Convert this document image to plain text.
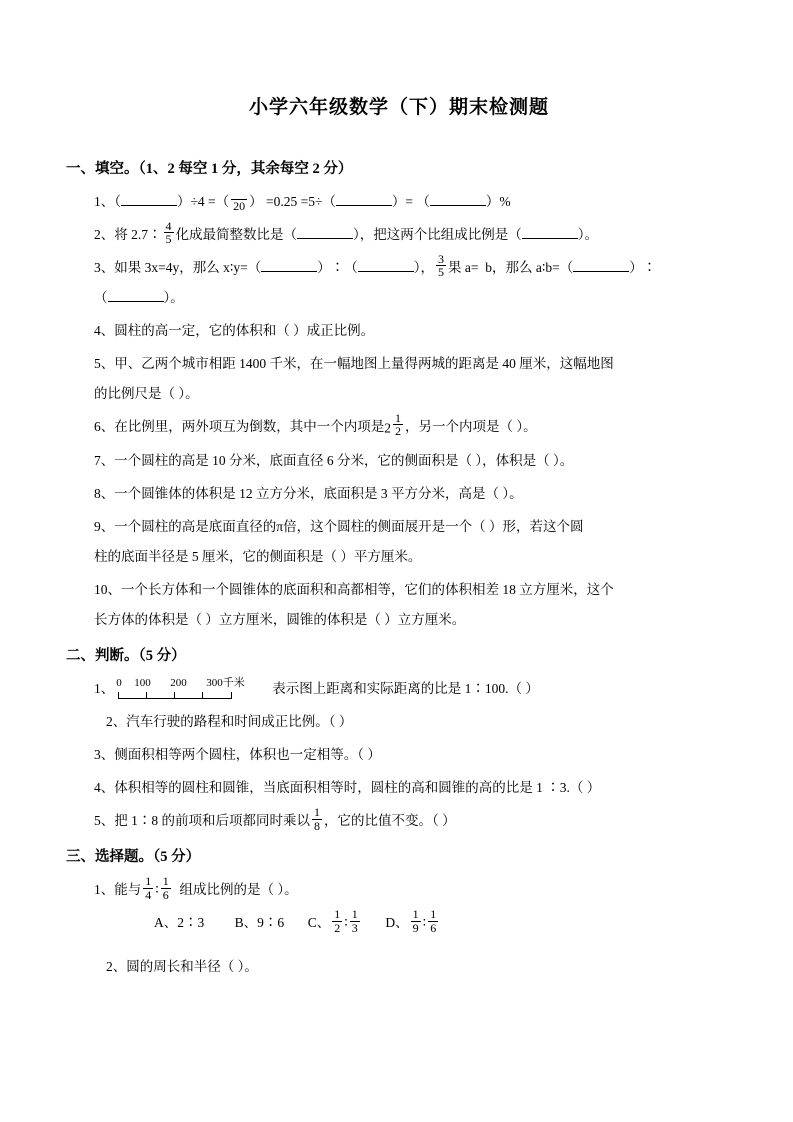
小学六年级数学（下）期末检测题
一、填空。（1、2 每空 1 分，其余每空 2 分）
1、（	）÷4 =（
20 ） =0.25 =5÷（	）= （	）%
2、将 2.7∶ $\frac{4}{5}$ 化成最简整数比是（	），把这两个比组成比例是（	）。
3、如果 3x=4y，那么 x∶y=（	）∶（	）， $\frac{3}{5}$ 果 a= b，那么 a∶b=（	）∶
（	）。
4、圆柱的高一定，它的体积和（ ）成正比例。
5、甲、乙两个城市相距 1400 千米，在一幅地图上量得两城的距离是 40 厘米，这幅地图
的比例尺是（ ）。
6、在比例里，两外项互为倒数，其中一个内项是$2 \frac{1}{2}$ ，另一个内项是（ ）。
7、一个圆柱的高是 10 分米，底面直径 6 分米，它的侧面积是（ ），体积是（ ）。
8、一个圆锥体的体积是 12 立方分米，底面积是 3 平方分米，高是（ ）。
9、一个圆柱的高是底面直径的π倍，这个圆柱的侧面展开是一个（ ）形，若这个圆
柱的底面半径是 5 厘米，它的侧面积是（ ）平方厘米。
10、一个长方体和一个圆锥体的底面积和高都相等，它们的体积相差 18 立方厘米，这个
长方体的体积是（ ）立方厘米，圆锥的体积是（ ）立方厘米。
二、判断。（5 分）
1、 0 100 200 300千米 表示图上距离和实际距离的比是 1∶100.（ ）
2、汽车行驶的路程和时间成正比例。（ ）
3、侧面积相等两个圆柱，体积也一定相等。（ ）
4、体积相等的圆柱和圆锥，当底面积相等时，圆柱的高和圆锥的高的比是 1 ∶3.（ ）
5、把 1∶8 的前项和后项都同时乘以 $\frac{1}{8}$ ，它的比值不变。（ ）
三、选择题。（5 分）
1、能与 $\frac{1}{4}$ ∶ $\frac{1}{6}$ 组成比例的是（ ）。
A、2∶3 B、9∶6 C、 $\frac{1}{2}$ ∶ $\frac{1}{3}$ D、 $\frac{1}{9}$ ∶ $\frac{1}{6}$
2、圆的周长和半径（ ）。
